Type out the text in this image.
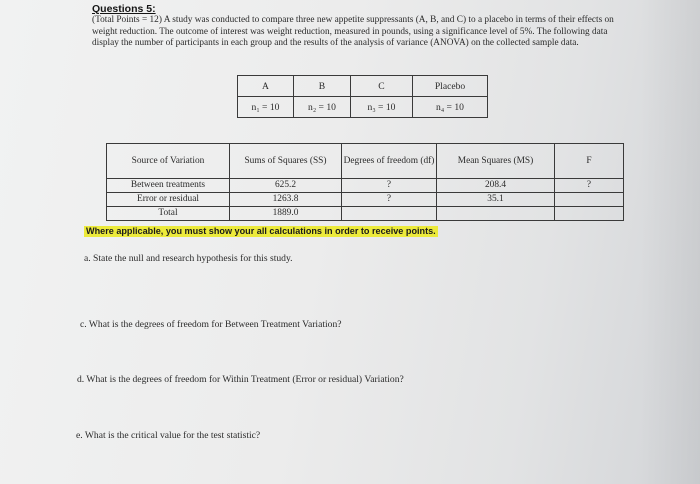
Questions 5:
(Total Points = 12) A study was conducted to compare three new appetite suppressants (A, B, and C) to a placebo in terms of their effects on weight reduction. The outcome of interest was weight reduction, measured in pounds, using a significance level of 5%. The following data display the number of participants in each group and the results of the analysis of variance (ANOVA) on the collected sample data.
A	B	C	Placebo
n₁ = 10	n₂ = 10	n₃ = 10	n₄ = 10
Source of Variation	Sums of Squares (SS)	Degrees of freedom (df)	Mean Squares (MS)	F
Between treatments	625.2	?	208.4	?
Error or residual	1263.8	?	35.1	
Total	1889.0			
Where applicable, you must show your all calculations in order to receive points.
a. State the null and research hypothesis for this study.
c. What is the degrees of freedom for Between Treatment Variation?
d. What is the degrees of freedom for Within Treatment (Error or residual) Variation?
e. What is the critical value for the test statistic?
